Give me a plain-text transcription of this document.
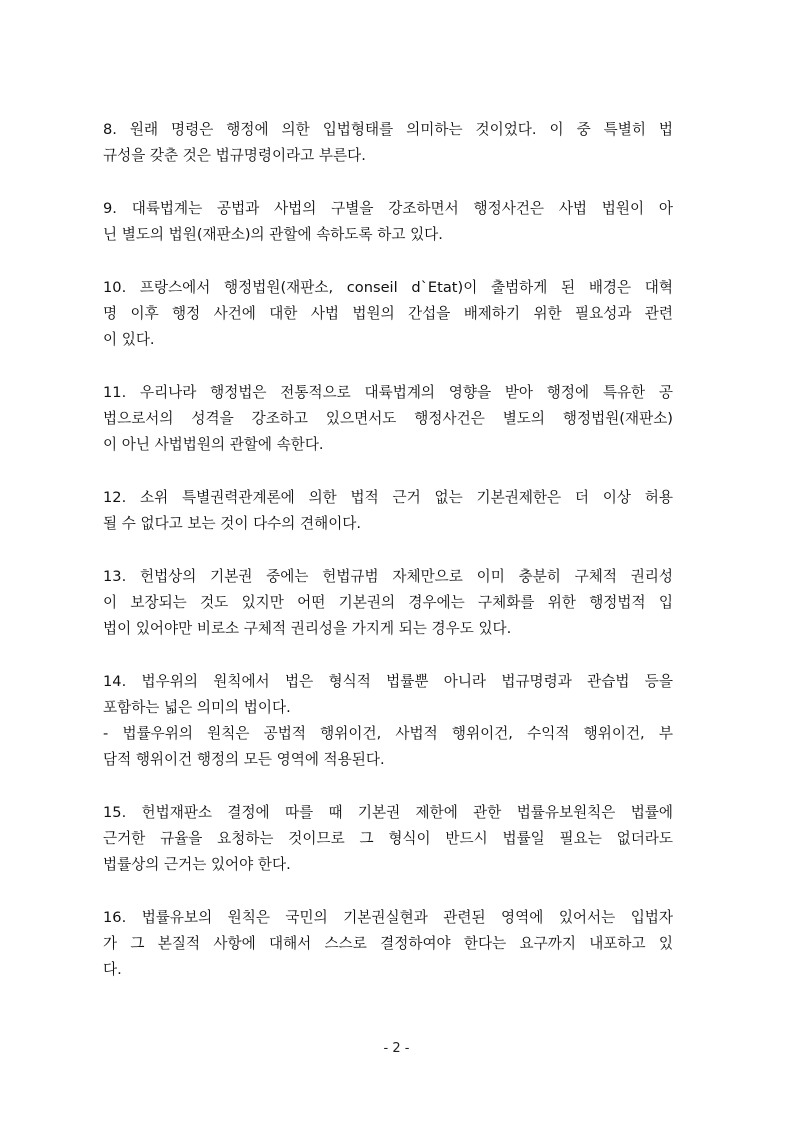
8. 원래 명령은 행정에 의한 입법형태를 의미하는 것이었다. 이 중 특별히 법
규성을 갖춘 것은 법규명령이라고 부른다.
9. 대륙법계는 공법과 사법의 구별을 강조하면서 행정사건은 사법 법원이 아
닌 별도의 법원(재판소)의 관할에 속하도록 하고 있다.
10. 프랑스에서 행정법원(재판소, conseil d`Etat)이 출범하게 된 배경은 대혁
명 이후 행정 사건에 대한 사법 법원의 간섭을 배제하기 위한 필요성과 관련
이 있다.
11. 우리나라 행정법은 전통적으로 대륙법계의 영향을 받아 행정에 특유한 공
법으로서의 성격을 강조하고 있으면서도 행정사건은 별도의 행정법원(재판소)
이 아닌 사법법원의 관할에 속한다.
12. 소위 특별권력관계론에 의한 법적 근거 없는 기본권제한은 더 이상 허용
될 수 없다고 보는 것이 다수의 견해이다.
13. 헌법상의 기본권 중에는 헌법규범 자체만으로 이미 충분히 구체적 권리성
이 보장되는 것도 있지만 어떤 기본권의 경우에는 구체화를 위한 행정법적 입
법이 있어야만 비로소 구체적 권리성을 가지게 되는 경우도 있다.
14. 법우위의 원칙에서 법은 형식적 법률뿐 아니라 법규명령과 관습법 등을
포함하는 넓은 의미의 법이다.
- 법률우위의 원칙은 공법적 행위이건, 사법적 행위이건, 수익적 행위이건, 부
담적 행위이건 행정의 모든 영역에 적용된다.
15. 헌법재판소 결정에 따를 때 기본권 제한에 관한 법률유보원칙은 법률에
근거한 규율을 요청하는 것이므로 그 형식이 반드시 법률일 필요는 없더라도
법률상의 근거는 있어야 한다.
16. 법률유보의 원칙은 국민의 기본권실현과 관련된 영역에 있어서는 입법자
가 그 본질적 사항에 대해서 스스로 결정하여야 한다는 요구까지 내포하고 있
다.
- 2 -
